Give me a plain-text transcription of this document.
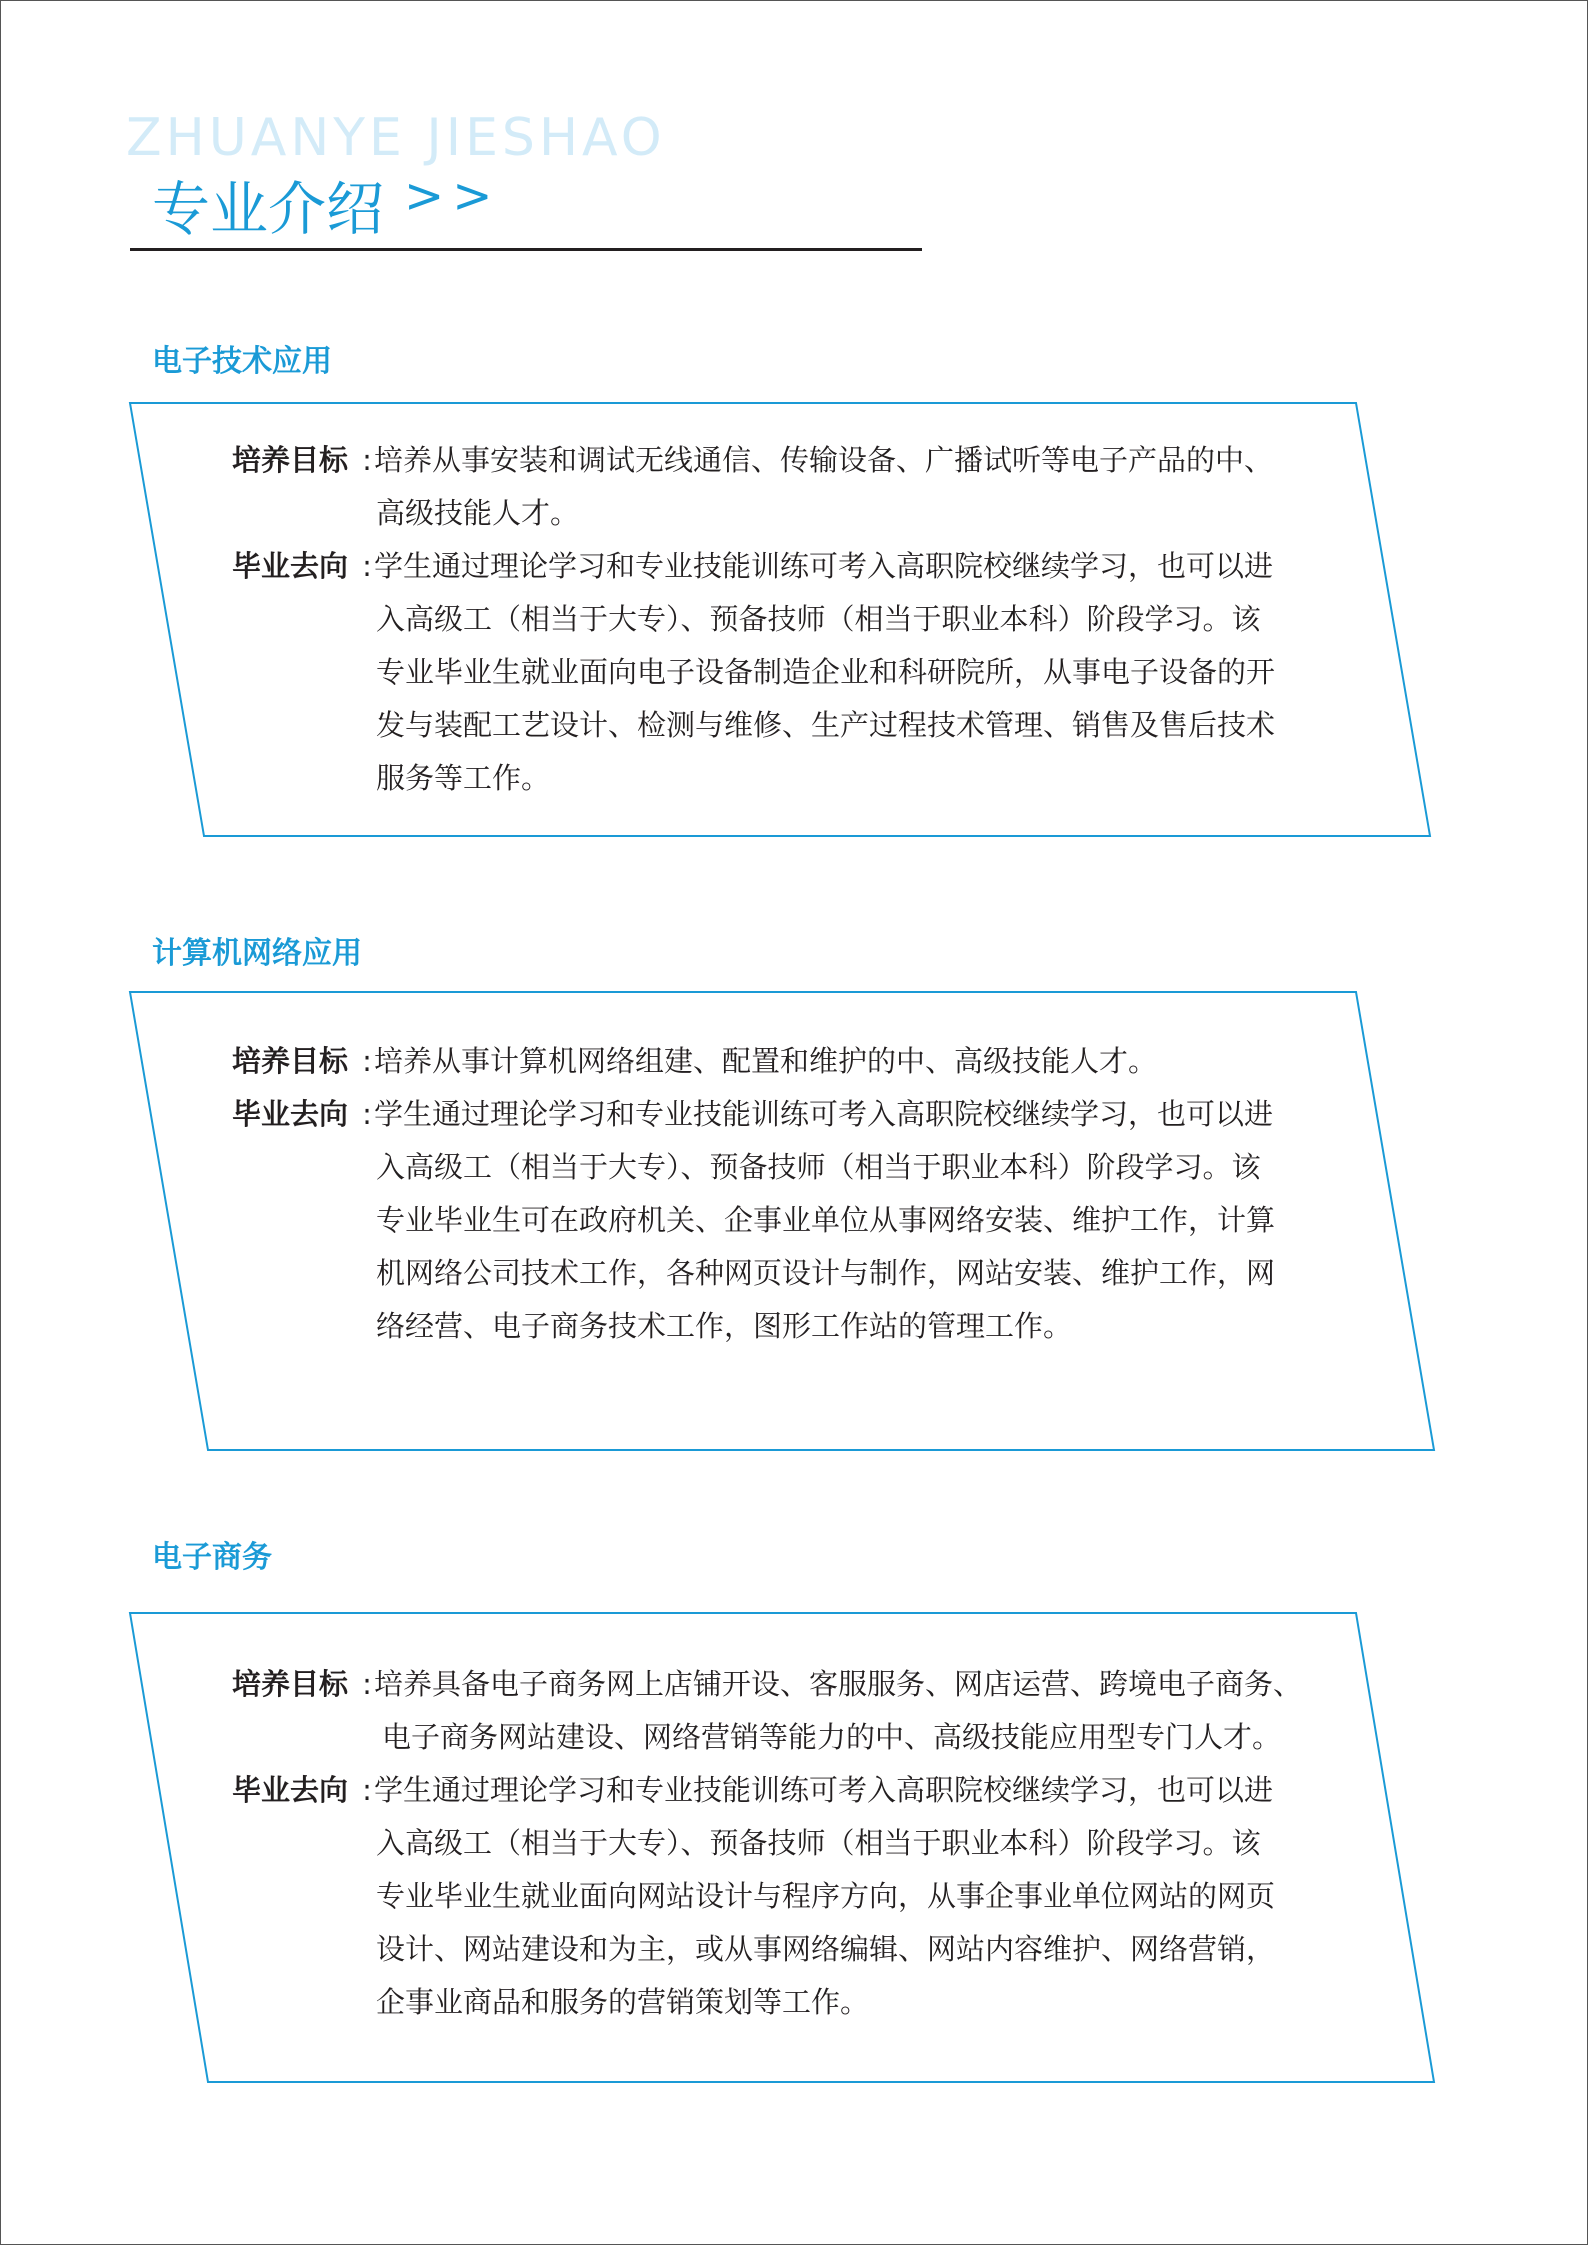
ZHUANYE JIESHAO
专业介绍 >>
电子技术应用
培养目标 :培养从事安装和调试无线通信、传输设备、广播试听等电子产品的中、
高级技能人才。
毕业去向 :学生通过理论学习和专业技能训练可考入高职院校继续学习，也可以进
入高级工（相当于大专）、预备技师（相当于职业本科）阶段学习。该
专业毕业生就业面向电子设备制造企业和科研院所，从事电子设备的开
发与装配工艺设计、检测与维修、生产过程技术管理、销售及售后技术
服务等工作。
计算机网络应用
培养目标 :培养从事计算机网络组建、配置和维护的中、高级技能人才。
毕业去向 :学生通过理论学习和专业技能训练可考入高职院校继续学习，也可以进
入高级工（相当于大专）、预备技师（相当于职业本科）阶段学习。该
专业毕业生可在政府机关、企事业单位从事网络安装、维护工作，计算
机网络公司技术工作，各种网页设计与制作，网站安装、维护工作，网
络经营、电子商务技术工作，图形工作站的管理工作。
电子商务
培养目标 :培养具备电子商务网上店铺开设、客服服务、网店运营、跨境电子商务、
电子商务网站建设、网络营销等能力的中、高级技能应用型专门人才。
毕业去向 :学生通过理论学习和专业技能训练可考入高职院校继续学习，也可以进
入高级工（相当于大专）、预备技师（相当于职业本科）阶段学习。该
专业毕业生就业面向网站设计与程序方向，从事企事业单位网站的网页
设计、网站建设和为主，或从事网络编辑、网站内容维护、网络营销，
企事业商品和服务的营销策划等工作。
